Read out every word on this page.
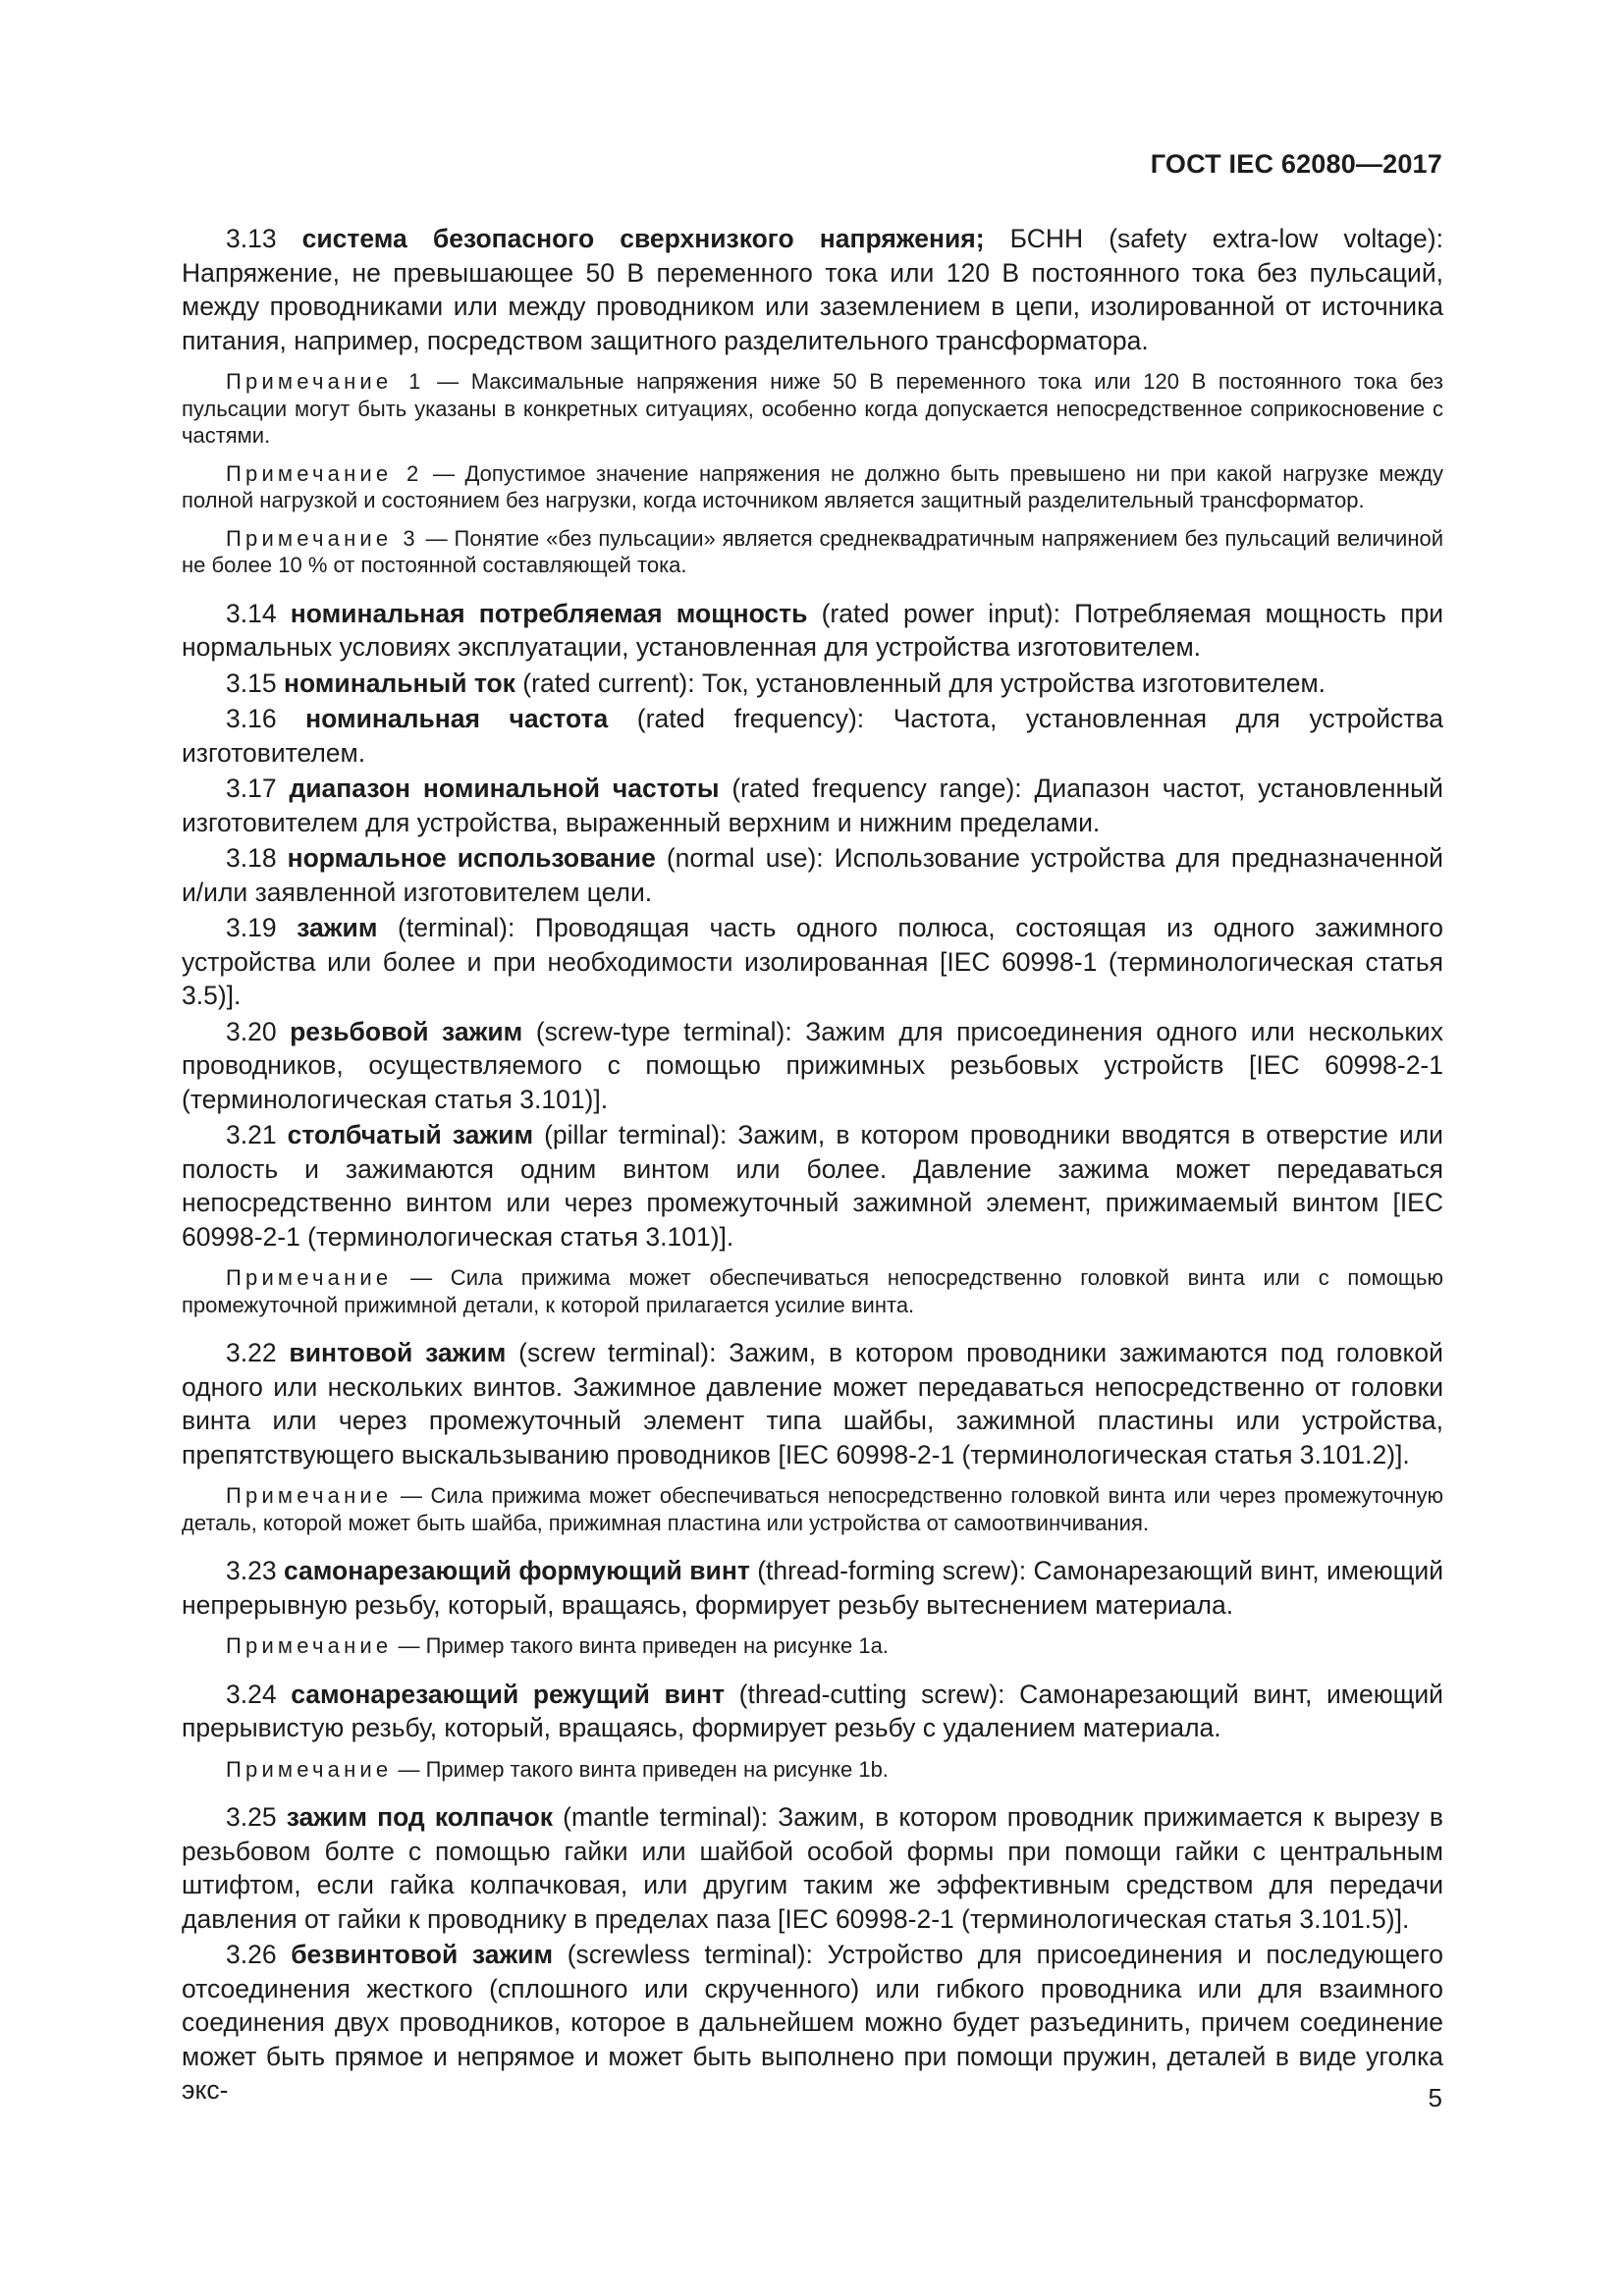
ГОСТ IEC 62080—2017

3.13 система безопасного сверхнизкого напряжения; БСНН (safety extra-low voltage): Напряжение, не превышающее 50 В переменного тока или 120 В постоянного тока без пульсаций, между проводниками или между проводником или заземлением в цепи, изолированной от источника питания, например, посредством защитного разделительного трансформатора.

Примечание 1 — Максимальные напряжения ниже 50 В переменного тока или 120 В постоянного тока без пульсации могут быть указаны в конкретных ситуациях, особенно когда допускается непосредственное соприкосновение с частями.

Примечание 2 — Допустимое значение напряжения не должно быть превышено ни при какой нагрузке между полной нагрузкой и состоянием без нагрузки, когда источником является защитный разделительный трансформатор.

Примечание 3 — Понятие «без пульсации» является среднеквадратичным напряжением без пульсаций величиной не более 10 % от постоянной составляющей тока.

3.14 номинальная потребляемая мощность (rated power input): Потребляемая мощность при нормальных условиях эксплуатации, установленная для устройства изготовителем.

3.15 номинальный ток (rated current): Ток, установленный для устройства изготовителем.

3.16 номинальная частота (rated frequency): Частота, установленная для устройства изготовителем.

3.17 диапазон номинальной частоты (rated frequency range): Диапазон частот, установленный изготовителем для устройства, выраженный верхним и нижним пределами.

3.18 нормальное использование (normal use): Использование устройства для предназначенной и/или заявленной изготовителем цели.

3.19 зажим (terminal): Проводящая часть одного полюса, состоящая из одного зажимного устройства или более и при необходимости изолированная [IEC 60998-1 (терминологическая статья 3.5)].

3.20 резьбовой зажим (screw-type terminal): Зажим для присоединения одного или нескольких проводников, осуществляемого с помощью прижимных резьбовых устройств [IEC 60998-2-1 (терминологическая статья 3.101)].

3.21 столбчатый зажим (pillar terminal): Зажим, в котором проводники вводятся в отверстие или полость и зажимаются одним винтом или более. Давление зажима может передаваться непосредственно винтом или через промежуточный зажимной элемент, прижимаемый винтом [IEC 60998-2-1 (терминологическая статья 3.101)].

Примечание — Сила прижима может обеспечиваться непосредственно головкой винта или с помощью промежуточной прижимной детали, к которой прилагается усилие винта.

3.22 винтовой зажим (screw terminal): Зажим, в котором проводники зажимаются под головкой одного или нескольких винтов. Зажимное давление может передаваться непосредственно от головки винта или через промежуточный элемент типа шайбы, зажимной пластины или устройства, препятствующего выскальзыванию проводников [IEC 60998-2-1 (терминологическая статья 3.101.2)].

Примечание — Сила прижима может обеспечиваться непосредственно головкой винта или через промежуточную деталь, которой может быть шайба, прижимная пластина или устройства от самоотвинчивания.

3.23 самонарезающий формующий винт (thread-forming screw): Самонарезающий винт, имеющий непрерывную резьбу, который, вращаясь, формирует резьбу вытеснением материала.

Примечание — Пример такого винта приведен на рисунке 1а.

3.24 самонарезающий режущий винт (thread-cutting screw): Самонарезающий винт, имеющий прерывистую резьбу, который, вращаясь, формирует резьбу с удалением материала.

Примечание — Пример такого винта приведен на рисунке 1b.

3.25 зажим под колпачок (mantle terminal): Зажим, в котором проводник прижимается к вырезу в резьбовом болте с помощью гайки или шайбой особой формы при помощи гайки с центральным штифтом, если гайка колпачковая, или другим таким же эффективным средством для передачи давления от гайки к проводнику в пределах паза [IEC 60998-2-1 (терминологическая статья 3.101.5)].

3.26 безвинтовой зажим (screwless terminal): Устройство для присоединения и последующего отсоединения жесткого (сплошного или скрученного) или гибкого проводника или для взаимного соединения двух проводников, которое в дальнейшем можно будет разъединить, причем соединение может быть прямое и непрямое и может быть выполнено при помощи пружин, деталей в виде уголка экс-	5
